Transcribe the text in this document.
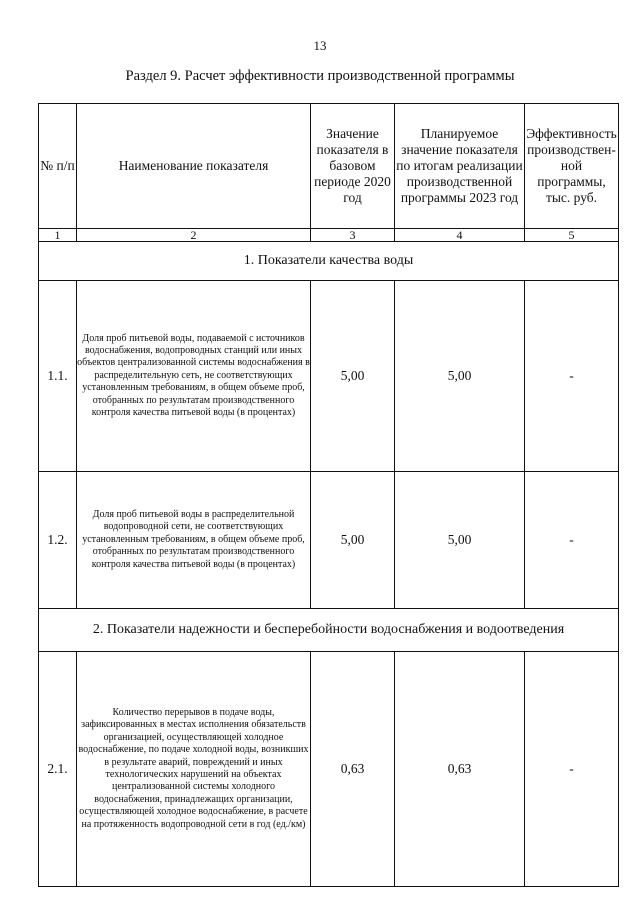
13
Раздел 9. Расчет эффективности производственной программы
№ п/п	Наименование показателя	Значение показателя в базовом периоде 2020 год	Планируемое значение показателя по итогам реализации производственной программы 2023 год	Эффективность производствен- ной программы, тыс. руб.
1	2	3	4	5
1. Показатели качества воды				
1.1.	Доля проб питьевой воды, подаваемой с источников водоснабжения, водопроводных станций или иных объектов централизованной системы водоснабжения в распределительную сеть, не соответствующих установленным требованиям, в общем объеме проб, отобранных по результатам производственного контроля качества питьевой воды (в процентах)	5,00	5,00	-
1.2.	Доля проб питьевой воды в распределительной водопроводной сети, не соответствующих установленным требованиям, в общем объеме проб, отобранных по результатам производственного контроля качества питьевой воды (в процентах)	5,00	5,00	-
2. Показатели надежности и бесперебойности водоснабжения и водоотведения				
2.1.	Количество перерывов в подаче воды, зафиксированных в местах исполнения обязательств организацией, осуществляющей холодное водоснабжение, по подаче холодной воды, возникших в результате аварий, повреждений и иных технологических нарушений на объектах централизованной системы холодного водоснабжения, принадлежащих организации, осуществляющей холодное водоснабжение, в расчете на протяженность водопроводной сети в год (ед./км)	0,63	0,63	-
